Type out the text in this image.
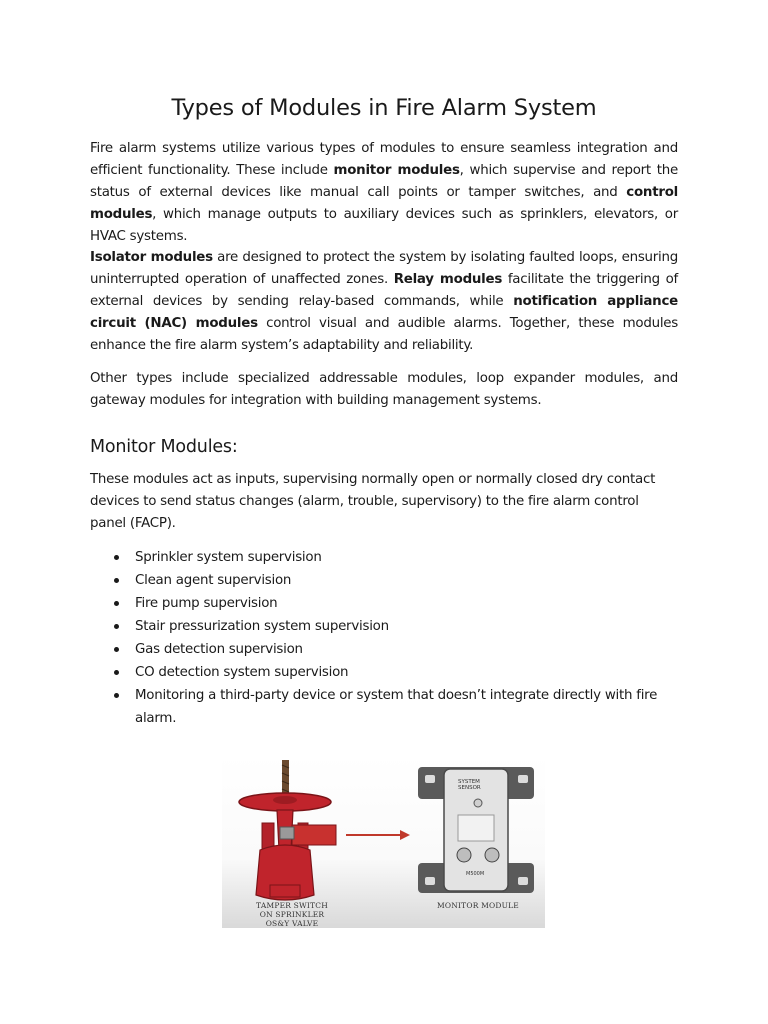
Types of Modules in Fire Alarm System

Fire alarm systems utilize various types of modules to ensure seamless integration and efficient functionality. These include monitor modules, which supervise and report the status of external devices like manual call points or tamper switches, and control modules, which manage outputs to auxiliary devices such as sprinklers, elevators, or HVAC systems.

Isolator modules are designed to protect the system by isolating faulted loops, ensuring uninterrupted operation of unaffected zones. Relay modules facilitate the triggering of external devices by sending relay-based commands, while notification appliance circuit (NAC) modules control visual and audible alarms. Together, these modules enhance the fire alarm system’s adaptability and reliability.

Other types include specialized addressable modules, loop expander modules, and gateway modules for integration with building management systems.

Monitor Modules:

These modules act as inputs, supervising normally open or normally closed dry contact devices to send status changes (alarm, trouble, supervisory) to the fire alarm control panel (FACP).

Sprinkler system supervision
Clean agent supervision
Fire pump supervision
Stair pressurization system supervision
Gas detection supervision
CO detection system supervision
Monitoring a third-party device or system that doesn’t integrate directly with fire alarm.
SYSTEM
SENSOR
M500M
TAMPER SWITCH
ON SPRINKLER OS&Y VALVE
MONITOR MODULE
